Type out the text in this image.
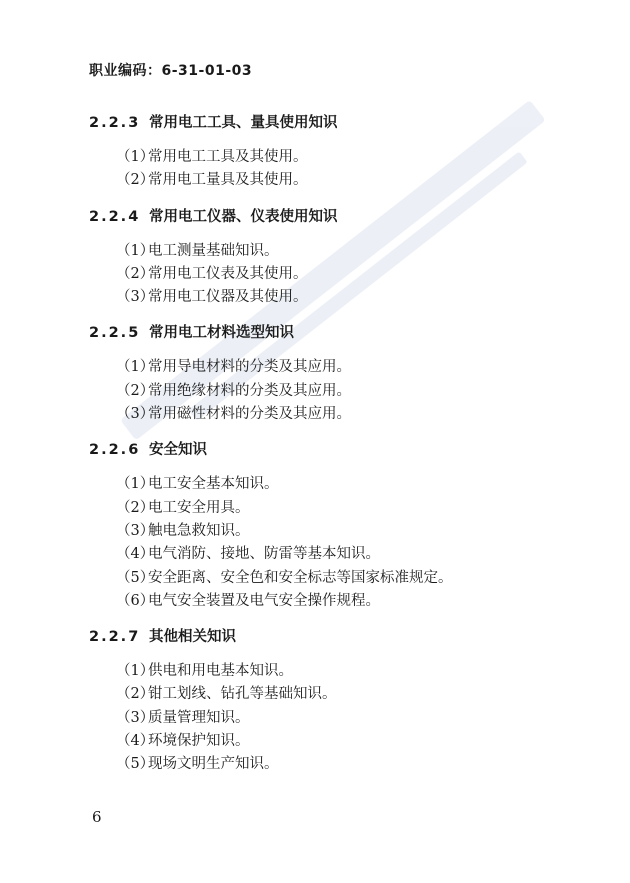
职业编码：6-31-01-03
2.2.3 常用电工工具、量具使用知识
（1）常用电工工具及其使用。
（2）常用电工量具及其使用。
2.2.4 常用电工仪器、仪表使用知识
（1）电工测量基础知识。
（2）常用电工仪表及其使用。
（3）常用电工仪器及其使用。
2.2.5 常用电工材料选型知识
（1）常用导电材料的分类及其应用。
（2）常用绝缘材料的分类及其应用。
（3）常用磁性材料的分类及其应用。
2.2.6 安全知识
（1）电工安全基本知识。
（2）电工安全用具。
（3）触电急救知识。
（4）电气消防、接地、防雷等基本知识。
（5）安全距离、安全色和安全标志等国家标准规定。
（6）电气安全装置及电气安全操作规程。
2.2.7 其他相关知识
（1）供电和用电基本知识。
（2）钳工划线、钻孔等基础知识。
（3）质量管理知识。
（4）环境保护知识。
（5）现场文明生产知识。
6
